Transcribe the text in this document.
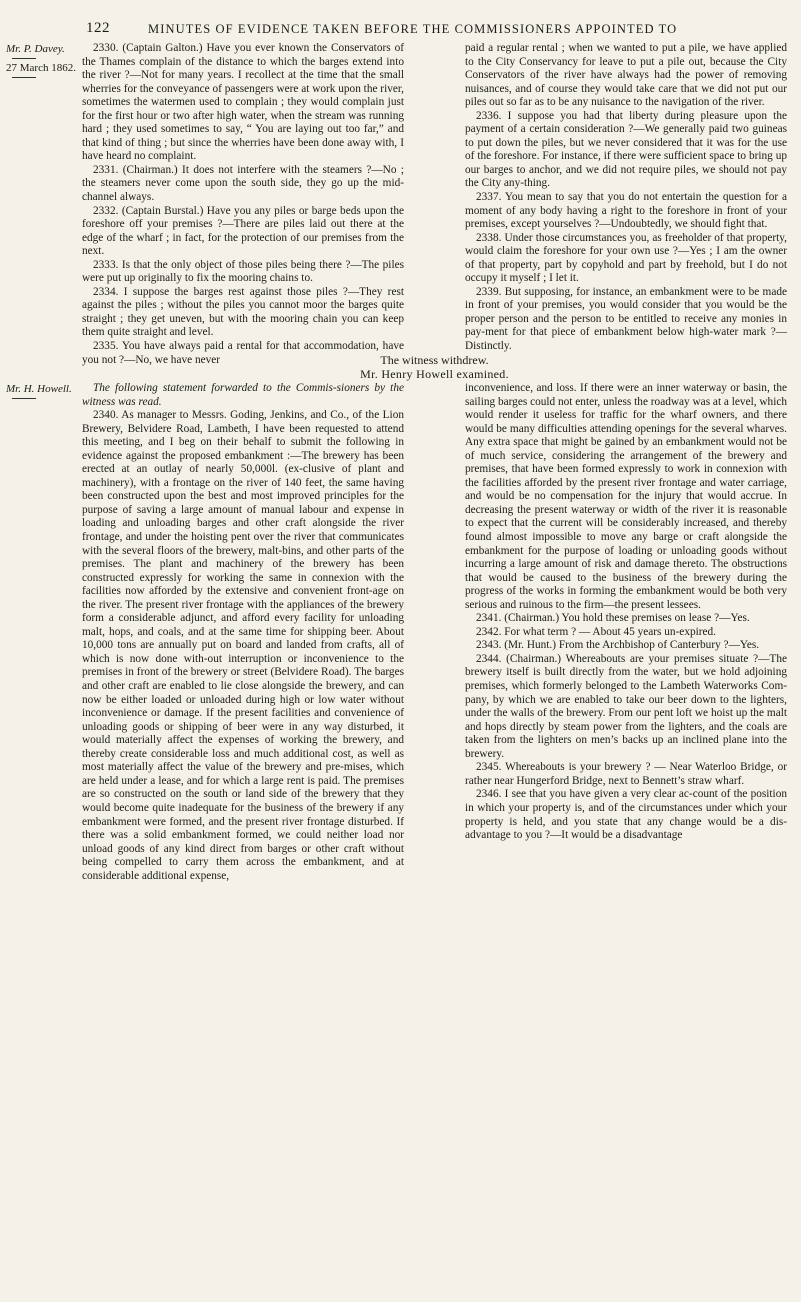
122	MINUTES OF EVIDENCE TAKEN BEFORE THE COMMISSIONERS APPOINTED TO
Mr. P. Davey.
27 March 1862.
Mr. H. Howell.

2330. (Captain Galton.) Have you ever known the Conservators of the Thames complain of the distance to which the barges extend into the river ?—Not for many years. I recollect at the time that the small wherries for the conveyance of passengers were at work upon the river, sometimes the watermen used to complain ; they would complain just for the first hour or two after high water, when the stream was running hard ; they used sometimes to say, “ You are laying out too far,” and that kind of thing ; but since the wherries have been done away with, I have heard no complaint.

2331. (Chairman.) It does not interfere with the steamers ?—No ; the steamers never come upon the south side, they go up the mid-channel always.

2332. (Captain Burstal.) Have you any piles or barge beds upon the foreshore off your premises ?—There are piles laid out there at the edge of the wharf ; in fact, for the protection of our premises from the next.

2333. Is that the only object of those piles being there ?—The piles were put up originally to fix the mooring chains to.

2334. I suppose the barges rest against those piles ?—They rest against the piles ; without the piles you cannot moor the barges quite straight ; they get uneven, but with the mooring chain you can keep them quite straight and level.

2335. You have always paid a rental for that accommodation, have you not ?—No, we have never

paid a regular rental ; when we wanted to put a pile, we have applied to the City Conservancy for leave to put a pile out, because the City Conservators of the river have always had the power of removing nuisances, and of course they would take care that we did not put our piles out so far as to be any nuisance to the navigation of the river.

2336. I suppose you had that liberty during pleasure upon the payment of a certain consideration ?—We generally paid two guineas to put down the piles, but we never considered that it was for the use of the foreshore. For instance, if there were sufficient space to bring up our barges to anchor, and we did not require piles, we should not pay the City any-thing.

2337. You mean to say that you do not entertain the question for a moment of any body having a right to the foreshore in front of your premises, except yourselves ?—Undoubtedly, we should fight that.

2338. Under those circumstances you, as freeholder of that property, would claim the foreshore for your own use ?—Yes ; I am the owner of that property, part by copyhold and part by freehold, but I do not occupy it myself ; I let it.

2339. But supposing, for instance, an embankment were to be made in front of your premises, you would consider that you would be the proper person and the person to be entitled to receive any monies in pay-ment for that piece of embankment below high-water mark ?—Distinctly.

The witness withdrew.
Mr. Henry Howell examined.

The following statement forwarded to the Commis-sioners by the witness was read.

2340. As manager to Messrs. Goding, Jenkins, and Co., of the Lion Brewery, Belvidere Road, Lambeth, I have been requested to attend this meeting, and I beg on their behalf to submit the following in evidence against the proposed embankment :—The brewery has been erected at an outlay of nearly 50,000l. (ex-clusive of plant and machinery), with a frontage on the river of 140 feet, the same having been constructed upon the best and most improved principles for the purpose of saving a large amount of manual labour and expense in loading and unloading barges and other craft alongside the river frontage, and under the hoisting pent over the river that communicates with the several floors of the brewery, malt-bins, and other parts of the premises. The plant and machinery of the brewery has been constructed expressly for working the same in connexion with the facilities now afforded by the extensive and convenient front-age on the river. The present river frontage with the appliances of the brewery form a considerable adjunct, and afford every facility for unloading malt, hops, and coals, and at the same time for shipping beer. About 10,000 tons are annually put on board and landed from crafts, all of which is now done with-out interruption or inconvenience to the premises in front of the brewery or street (Belvidere Road). The barges and other craft are enabled to lie close alongside the brewery, and can now be either loaded or unloaded during high or low water without inconvenience or damage. If the present facilities and convenience of unloading goods or shipping of beer were in any way disturbed, it would materially affect the expenses of working the brewery, and thereby create considerable loss and much additional cost, as well as most materially affect the value of the brewery and pre-mises, which are held under a lease, and for which a large rent is paid. The premises are so constructed on the south or land side of the brewery that they would become quite inadequate for the business of the brewery if any embankment were formed, and the present river frontage disturbed. If there was a solid embankment formed, we could neither load nor unload goods of any kind direct from barges or other craft without being compelled to carry them across the embankment, and at considerable additional expense,

inconvenience, and loss. If there were an inner waterway or basin, the sailing barges could not enter, unless the roadway was at a level, which would render it useless for traffic for the wharf owners, and there would be many difficulties attending openings for the several wharves. Any extra space that might be gained by an embankment would not be of much service, considering the arrangement of the brewery and premises, that have been formed expressly to work in connexion with the facilities afforded by the present river frontage and water carriage, and would be no compensation for the injury that would accrue. In decreasing the present waterway or width of the river it is reasonable to expect that the current will be considerably increased, and thereby found almost impossible to move any barge or craft alongside the embankment for the purpose of loading or unloading goods without incurring a large amount of risk and damage thereto. The obstructions that would be caused to the business of the brewery during the progress of the works in forming the embankment would be both very serious and ruinous to the firm—the present lessees.

2341. (Chairman.) You hold these premises on lease ?—Yes.

2342. For what term ? — About 45 years un-expired.

2343. (Mr. Hunt.) From the Archbishop of Canterbury ?—Yes.

2344. (Chairman.) Whereabouts are your premises situate ?—The brewery itself is built directly from the water, but we hold adjoining premises, which formerly belonged to the Lambeth Waterworks Com-pany, by which we are enabled to take our beer down to the lighters, under the walls of the brewery. From our pent loft we hoist up the malt and hops directly by steam power from the lighters, and the coals are taken from the lighters on men’s backs up an inclined plane into the brewery.

2345. Whereabouts is your brewery ? — Near Waterloo Bridge, or rather near Hungerford Bridge, next to Bennett’s straw wharf.

2346. I see that you have given a very clear ac-count of the position in which your property is, and of the circumstances under which your property is held, and you state that any change would be a dis-advantage to you ?—It would be a disadvantage
